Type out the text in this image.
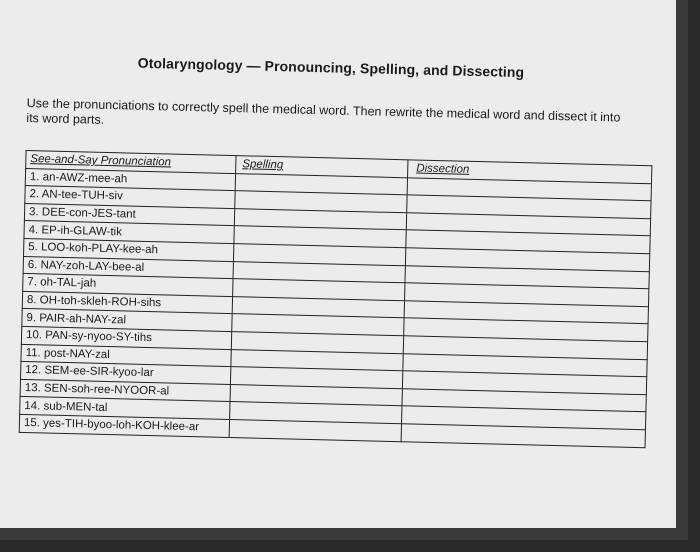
Otolaryngology — Pronouncing, Spelling, and Dissecting
Use the pronunciations to correctly spell the medical word. Then rewrite the medical word and dissect it into its word parts.
See-and-Say Pronunciation	Spelling	Dissection
1. an-AWZ-mee-ah		
2. AN-tee-TUH-siv		
3. DEE-con-JES-tant		
4. EP-ih-GLAW-tik		
5. LOO-koh-PLAY-kee-ah		
6. NAY-zoh-LAY-bee-al		
7. oh-TAL-jah		
8. OH-toh-skleh-ROH-sihs		
9. PAIR-ah-NAY-zal		
10. PAN-sy-nyoo-SY-tihs		
11. post-NAY-zal		
12. SEM-ee-SIR-kyoo-lar		
13. SEN-soh-ree-NYOOR-al		
14. sub-MEN-tal		
15. yes-TIH-byoo-loh-KOH-klee-ar		
